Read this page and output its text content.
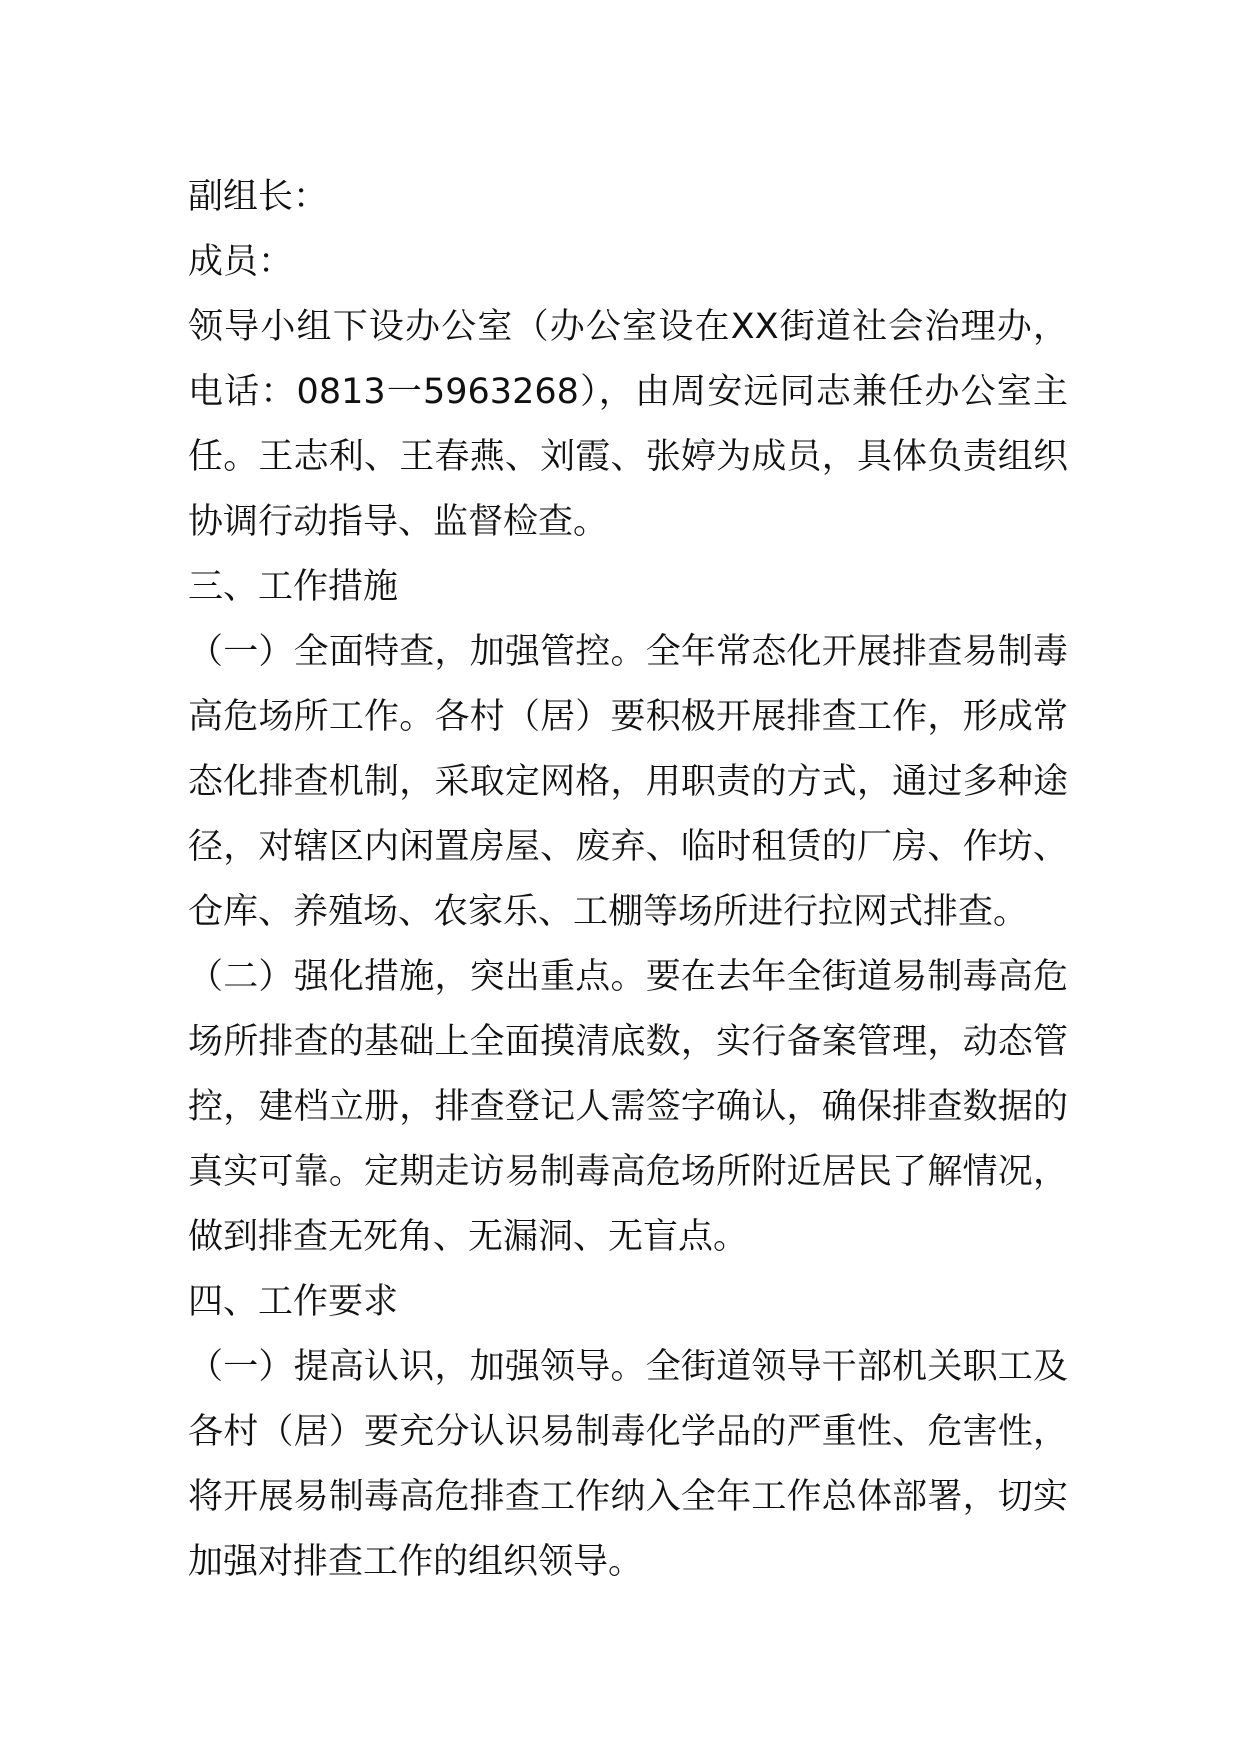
副组长：

成员：

领导小组下设办公室（办公室设在XX街道社会治理办，电话：0813一5963268），由周安远同志兼任办公室主任。王志利、王春燕、刘霞、张婷为成员，具体负责组织协调行动指导、监督检查。

三、工作措施

（一）全面特查，加强管控。全年常态化开展排查易制毒高危场所工作。各村（居）要积极开展排查工作，形成常态化排查机制，采取定网格，用职责的方式，通过多种途径，对辖区内闲置房屋、废弃、临时租赁的厂房、作坊、仓库、养殖场、农家乐、工棚等场所进行拉网式排查。

（二）强化措施，突出重点。要在去年全街道易制毒高危场所排查的基础上全面摸清底数，实行备案管理，动态管控，建档立册，排查登记人需签字确认，确保排查数据的真实可靠。定期走访易制毒高危场所附近居民了解情况，做到排查无死角、无漏洞、无盲点。

四、工作要求

（一）提高认识，加强领导。全街道领导干部机关职工及各村（居）要充分认识易制毒化学品的严重性、危害性，将开展易制毒高危排查工作纳入全年工作总体部署，切实加强对排查工作的组织领导。
